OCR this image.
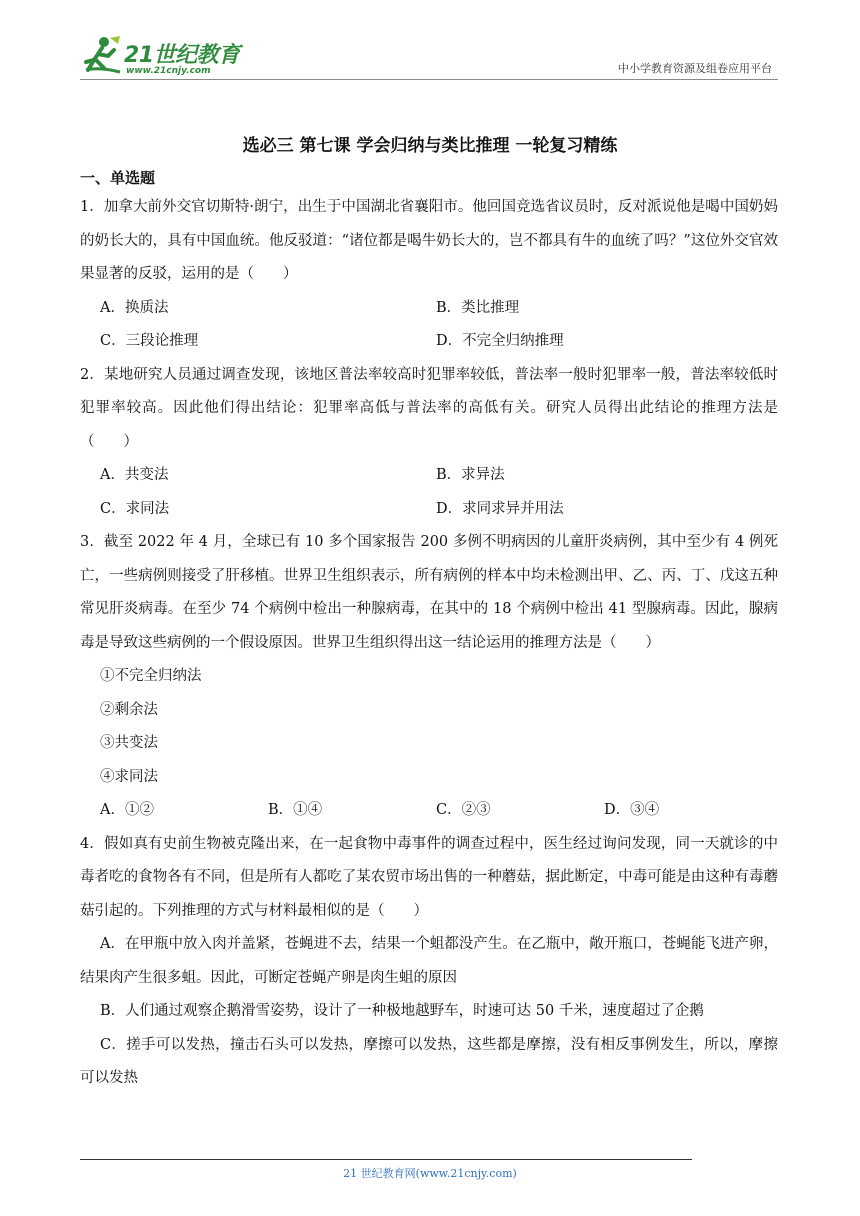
21世纪教育
www.21cnjy.com	中小学教育资源及组卷应用平台
选必三 第七课 学会归纳与类比推理 一轮复习精练
一、单选题

1．加拿大前外交官切斯特·朗宁，出生于中国湖北省襄阳市。他回国竞选省议员时，反对派说他是喝中国奶妈的奶长大的，具有中国血统。他反驳道：“诸位都是喝牛奶长大的，岂不都具有牛的血统了吗？”这位外交官效果显著的反驳，运用的是（　　）

A．换质法	B．类比推理
C．三段论推理	D．不完全归纳推理

2．某地研究人员通过调查发现，该地区普法率较高时犯罪率较低，普法率一般时犯罪率一般，普法率较低时犯罪率较高。因此他们得出结论：犯罪率高低与普法率的高低有关。研究人员得出此结论的推理方法是（　　）

A．共变法	B．求异法
C．求同法	D．求同求异并用法

3．截至 2022 年 4 月，全球已有 10 多个国家报告 200 多例不明病因的儿童肝炎病例，其中至少有 4 例死亡，一些病例则接受了肝移植。世界卫生组织表示，所有病例的样本中均未检测出甲、乙、丙、丁、戊这五种常见肝炎病毒。在至少 74 个病例中检出一种腺病毒，在其中的 18 个病例中检出 41 型腺病毒。因此，腺病毒是导致这些病例的一个假设原因。世界卫生组织得出这一结论运用的推理方法是（　　）

①不完全归纳法

②剩余法

③共变法

④求同法

A．①②	B．①④	C．②③	D．③④

4．假如真有史前生物被克隆出来，在一起食物中毒事件的调查过程中，医生经过询问发现，同一天就诊的中毒者吃的食物各有不同，但是所有人都吃了某农贸市场出售的一种蘑菇，据此断定，中毒可能是由这种有毒蘑菇引起的。下列推理的方式与材料最相似的是（　　）

A．在甲瓶中放入肉并盖紧，苍蝇进不去，结果一个蛆都没产生。在乙瓶中，敞开瓶口，苍蝇能飞进产卵，结果肉产生很多蛆。因此，可断定苍蝇产卵是肉生蛆的原因

B．人们通过观察企鹅滑雪姿势，设计了一种极地越野车，时速可达 50 千米，速度超过了企鹅

C．搓手可以发热，撞击石头可以发热，摩擦可以发热，这些都是摩擦，没有相反事例发生，所以，摩擦可以发热

21 世纪教育网(www.21cnjy.com)
